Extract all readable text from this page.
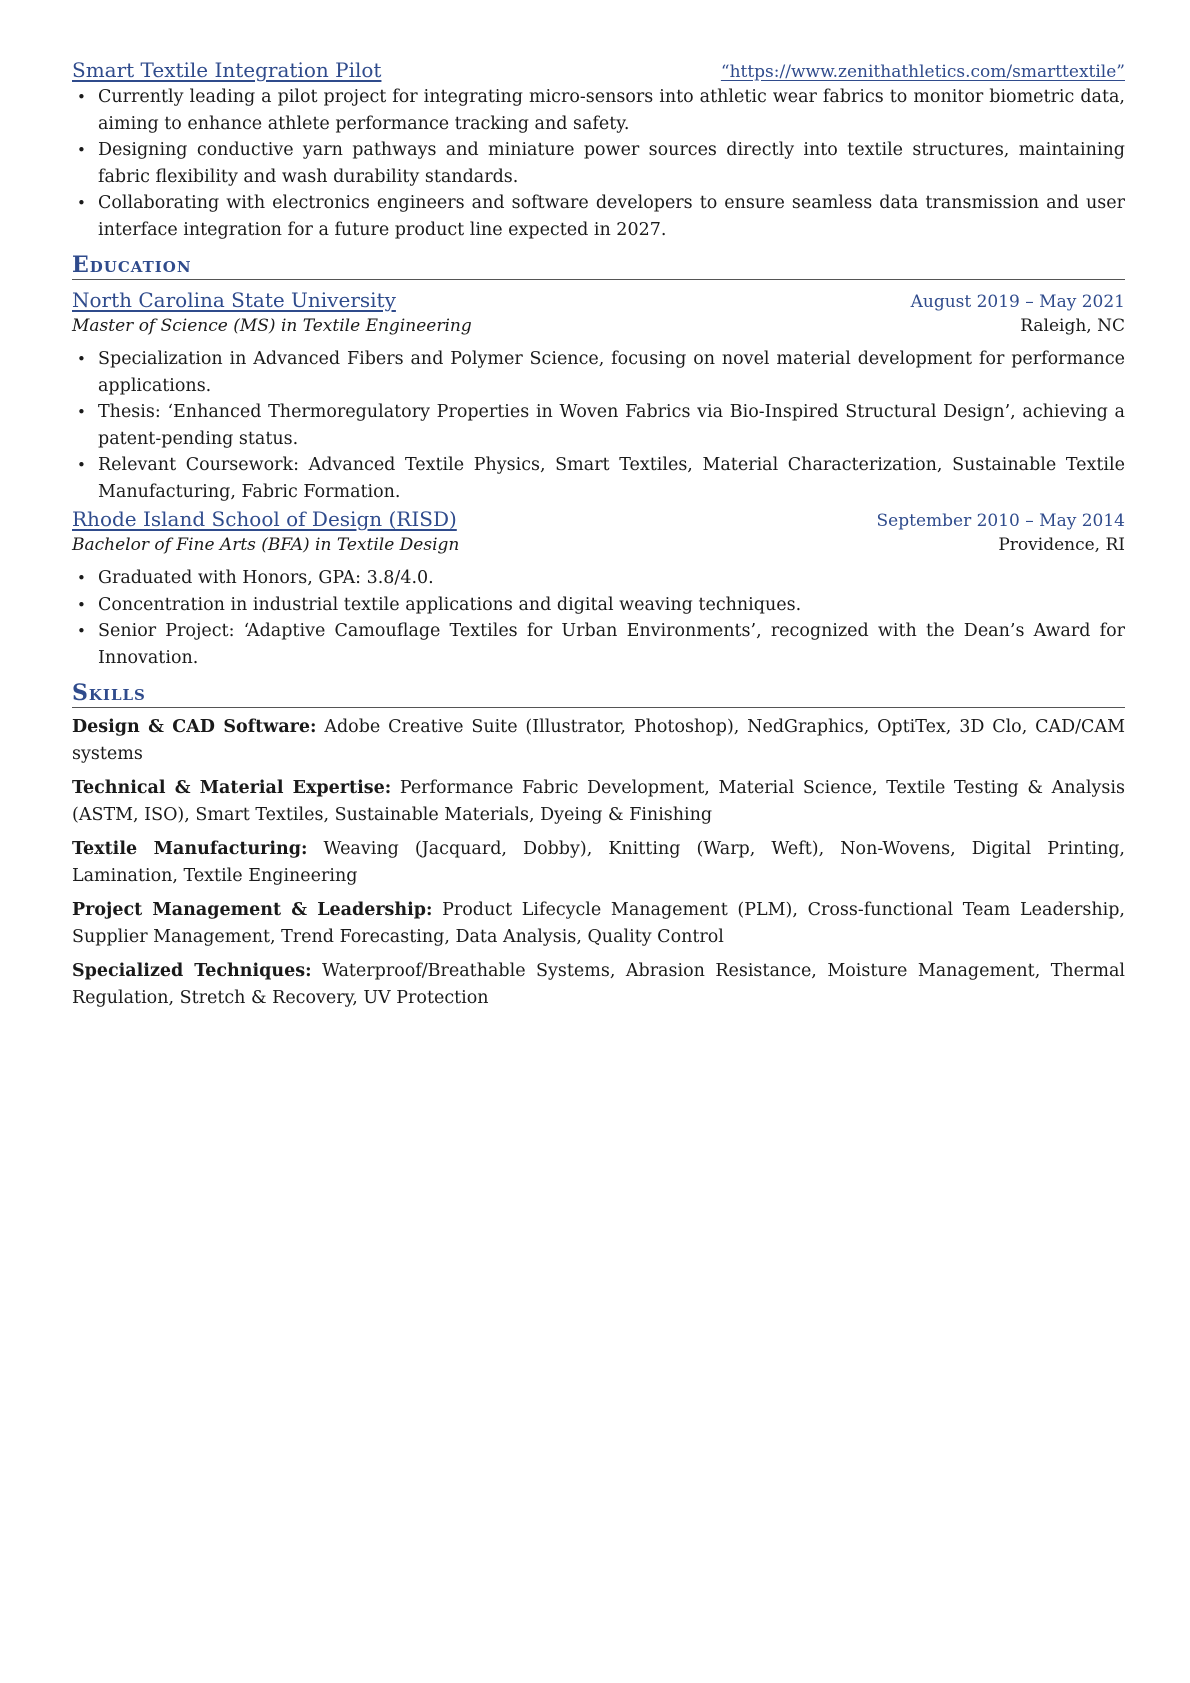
Smart Textile Integration Pilot	“https://www.zenithathletics.com/smarttextile”
• Currently leading a pilot project for integrating micro-sensors into athletic wear fabrics to monitor biometric data, aiming to enhance athlete performance tracking and safety.
• Designing conductive yarn pathways and miniature power sources directly into textile structures, maintaining fabric flexibility and wash durability standards.
• Collaborating with electronics engineers and software developers to ensure seamless data transmission and user interface integration for a future product line expected in 2027.
Education
North Carolina State University	August 2019 – May 2021
Master of Science (MS) in Textile Engineering	Raleigh, NC
• Specialization in Advanced Fibers and Polymer Science, focusing on novel material development for performance applications.
• Thesis: ‘Enhanced Thermoregulatory Properties in Woven Fabrics via Bio-Inspired Structural Design’, achieving a patent-pending status.
• Relevant Coursework: Advanced Textile Physics, Smart Textiles, Material Characterization, Sustainable Textile Manufacturing, Fabric Formation.
Rhode Island School of Design (RISD)	September 2010 – May 2014
Bachelor of Fine Arts (BFA) in Textile Design	Providence, RI
• Graduated with Honors, GPA: 3.8/4.0.
• Concentration in industrial textile applications and digital weaving techniques.
• Senior Project: ‘Adaptive Camouflage Textiles for Urban Environments’, recognized with the Dean’s Award for Innovation.
Skills
Design & CAD Software: Adobe Creative Suite (Illustrator, Photoshop), NedGraphics, OptiTex, 3D Clo, CAD/CAM systems
Technical & Material Expertise: Performance Fabric Development, Material Science, Textile Testing & Analysis (ASTM, ISO), Smart Textiles, Sustainable Materials, Dyeing & Finishing
Textile Manufacturing: Weaving (Jacquard, Dobby), Knitting (Warp, Weft), Non-Wovens, Digital Printing, Lamination, Textile Engineering
Project Management & Leadership: Product Lifecycle Management (PLM), Cross-functional Team Leadership, Supplier Management, Trend Forecasting, Data Analysis, Quality Control
Specialized Techniques: Waterproof/Breathable Systems, Abrasion Resistance, Moisture Management, Thermal Regulation, Stretch & Recovery, UV Protection
